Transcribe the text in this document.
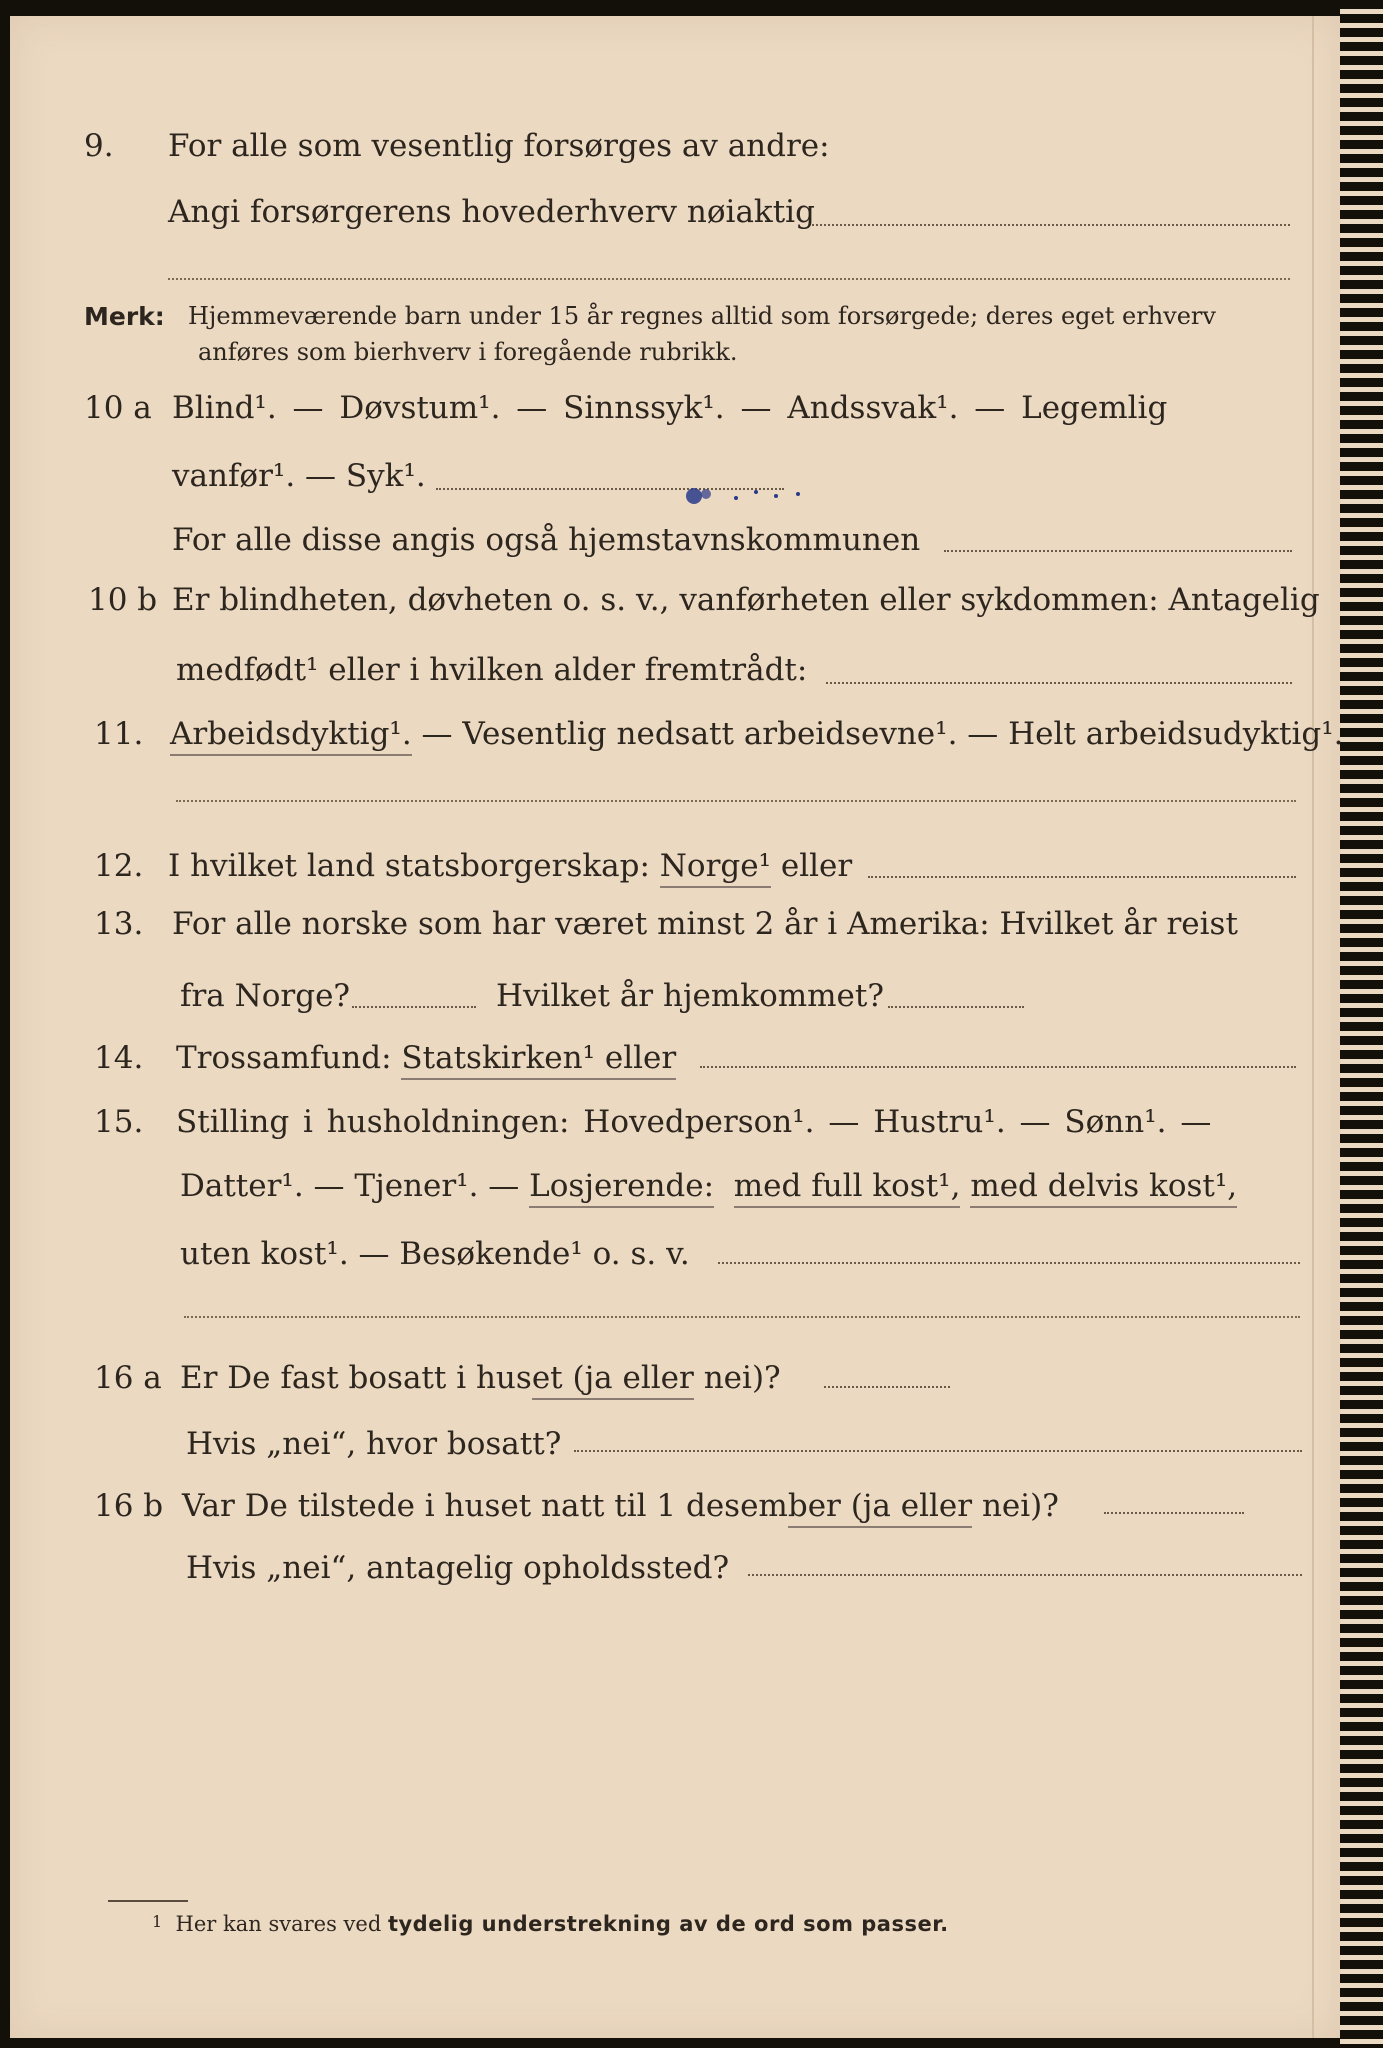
9. For alle som vesentlig forsørges av andre:
Angi forsørgerens hovederhverv nøiaktig
Merk: Hjemmeværende barn under 15 år regnes alltid som forsørgede; deres eget erhverv
anføres som bierhverv i foregående rubrikk.
10 a Blind¹. — Døvstum¹. — Sinnssyk¹. — Andssvak¹. — Legemlig
vanfør¹. — Syk¹.
For alle disse angis også hjemstavnskommunen
10 b Er blindheten, døvheten o. s. v., vanførheten eller sykdommen: Antagelig
medfødt¹ eller i hvilken alder fremtrådt:
11. Arbeidsdyktig¹. — Vesentlig nedsatt arbeidsevne¹. — Helt arbeidsudyktig¹.
12. I hvilket land statsborgerskap: Norge¹ eller
13. For alle norske som har været minst 2 år i Amerika: Hvilket år reist
fra Norge?	Hvilket år hjemkommet?
14. Trossamfund: Statskirken¹ eller
15. Stilling i husholdningen: Hovedperson¹. — Hustru¹. — Sønn¹. —
Datter¹. — Tjener¹. — Losjerende: med full kost¹, med delvis kost¹,
uten kost¹. — Besøkende¹ o. s. v.
16 a Er De fast bosatt i huset (ja eller nei)?
Hvis „nei“, hvor bosatt?
16 b Var De tilstede i huset natt til 1 desember (ja eller nei)?
Hvis „nei“, antagelig opholdssted?
$^1$ Her kan svares ved tydelig understrekning av de ord som passer.
